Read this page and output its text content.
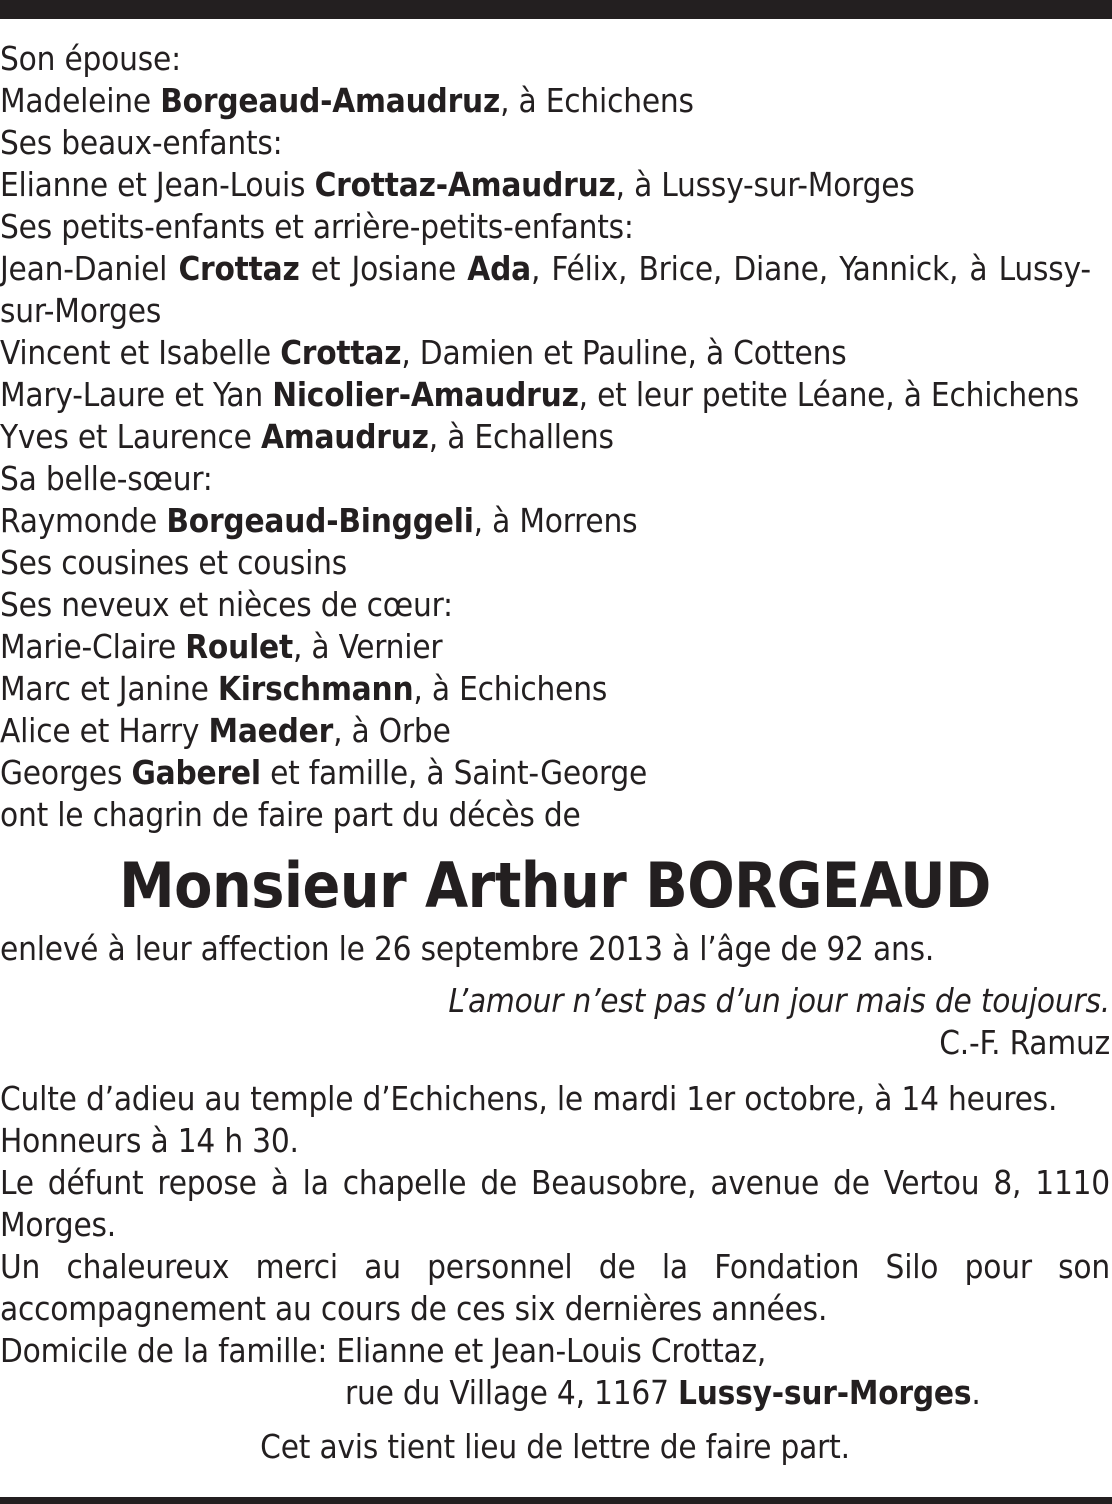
Son épouse:
Madeleine Borgeaud-Amaudruz, à Echichens
Ses beaux-enfants:
Elianne et Jean-Louis Crottaz-Amaudruz, à Lussy-sur-Morges
Ses petits-enfants et arrière-petits-enfants:
Jean-Daniel Crottaz et Josiane Ada, Félix, Brice, Diane, Yannick, à Lussy-
sur-Morges
Vincent et Isabelle Crottaz, Damien et Pauline, à Cottens
Mary-Laure et Yan Nicolier-Amaudruz, et leur petite Léane, à Echichens
Yves et Laurence Amaudruz, à Echallens
Sa belle-sœur:
Raymonde Borgeaud-Binggeli, à Morrens
Ses cousines et cousins
Ses neveux et nièces de cœur:
Marie-Claire Roulet, à Vernier
Marc et Janine Kirschmann, à Echichens
Alice et Harry Maeder, à Orbe
Georges Gaberel et famille, à Saint-George
ont le chagrin de faire part du décès de
Monsieur Arthur BORGEAUD
enlevé à leur affection le 26 septembre 2013 à l’âge de 92 ans.
L’amour n’est pas d’un jour mais de toujours.
C.-F. Ramuz
Culte d’adieu au temple d’Echichens, le mardi 1er octobre, à 14 heures.
Honneurs à 14 h 30.
Le défunt repose à la chapelle de Beausobre, avenue de Vertou 8, 1110 Morges.
Un chaleureux merci au personnel de la Fondation Silo pour son accompagnement au cours de ces six dernières années.
Domicile de la famille: Elianne et Jean-Louis Crottaz,
rue du Village 4, 1167 Lussy-sur-Morges.
Cet avis tient lieu de lettre de faire part.
